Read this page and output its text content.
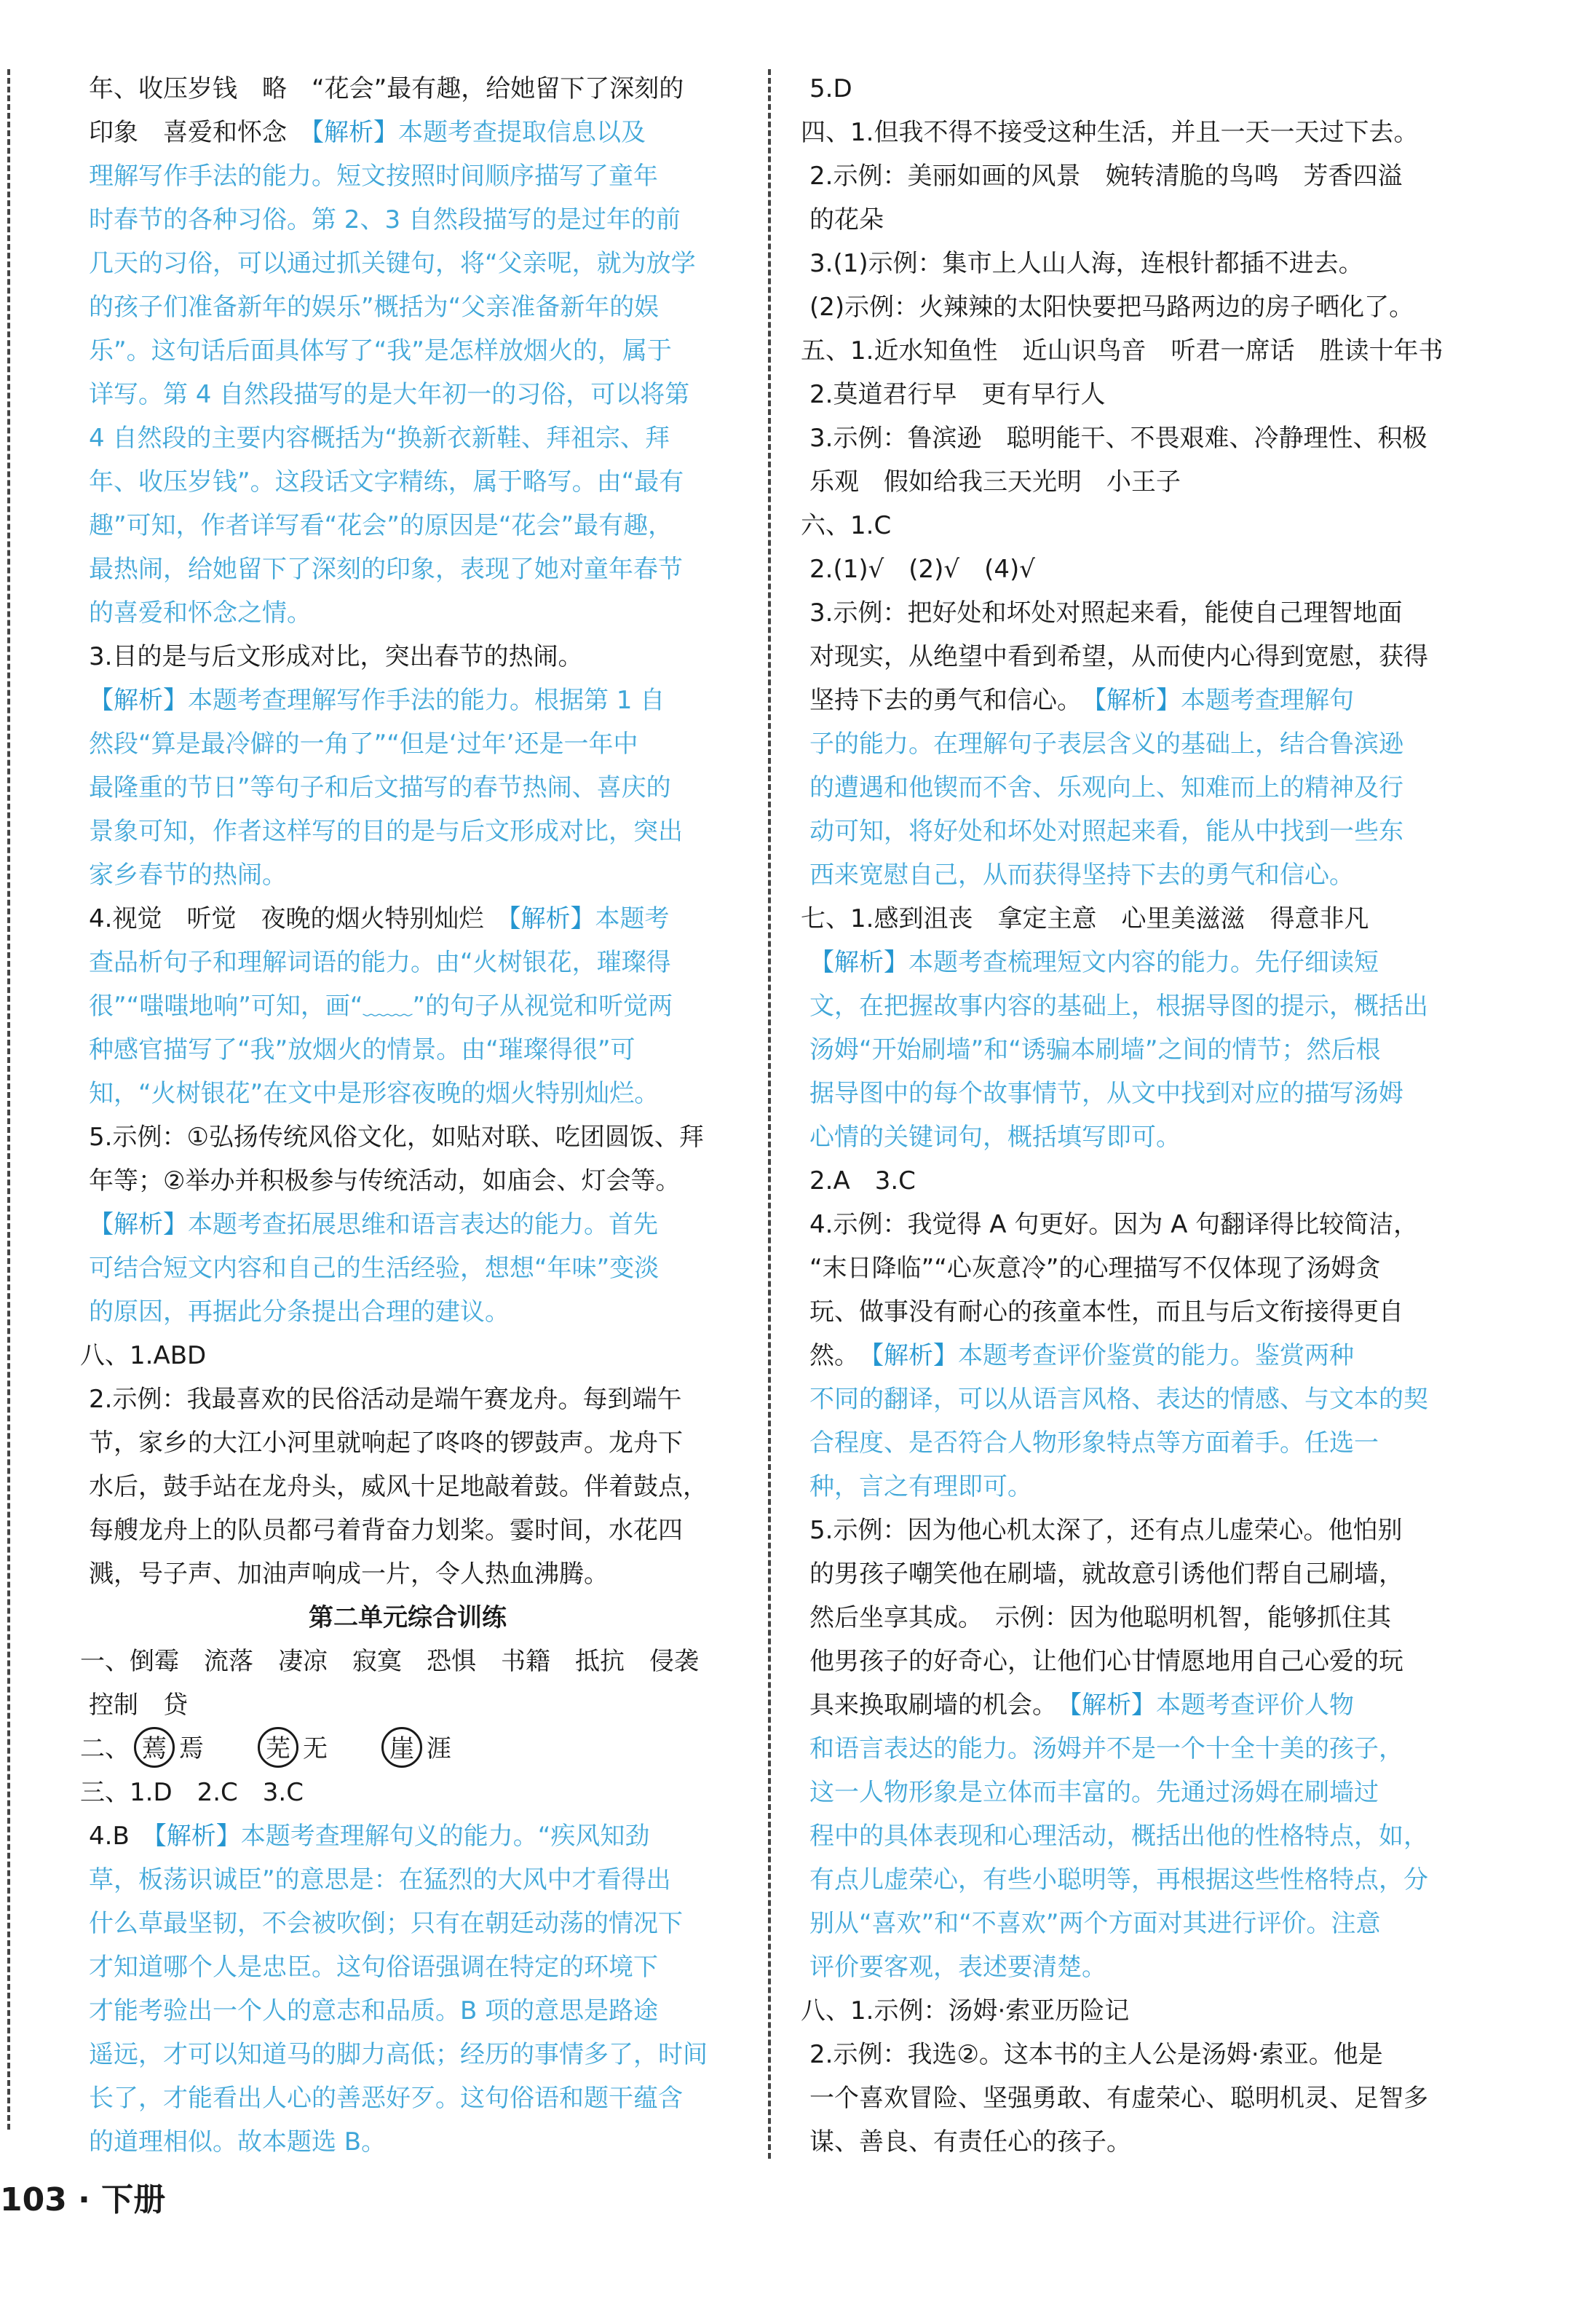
年、收压岁钱　略　“花会”最有趣，给她留下了深刻的
印象　喜爱和怀念　【解析】本题考查提取信息以及
理解写作手法的能力。短文按照时间顺序描写了童年
时春节的各种习俗。第 2、3 自然段描写的是过年的前
几天的习俗，可以通过抓关键句，将“父亲呢，就为放学
的孩子们准备新年的娱乐”概括为“父亲准备新年的娱
乐”。这句话后面具体写了“我”是怎样放烟火的，属于
详写。第 4 自然段描写的是大年初一的习俗，可以将第
4 自然段的主要内容概括为“换新衣新鞋、拜祖宗、拜
年、收压岁钱”。这段话文字精练，属于略写。由“最有
趣”可知，作者详写看“花会”的原因是“花会”最有趣，
最热闹，给她留下了深刻的印象，表现了她对童年春节
的喜爱和怀念之情。
3.目的是与后文形成对比，突出春节的热闹。
【解析】本题考查理解写作手法的能力。根据第 1 自
然段“算是最冷僻的一角了”“但是‘过年’还是一年中
最隆重的节日”等句子和后文描写的春节热闹、喜庆的
景象可知，作者这样写的目的是与后文形成对比，突出
家乡春节的热闹。
4.视觉　听觉　夜晚的烟火特别灿烂　【解析】本题考
查品析句子和理解词语的能力。由“火树银花，璀璨得
很”“嗤嗤地响”可知，画“﹏﹏”的句子从视觉和听觉两
种感官描写了“我”放烟火的情景。由“璀璨得很”可
知，“火树银花”在文中是形容夜晚的烟火特别灿烂。
5.示例：①弘扬传统风俗文化，如贴对联、吃团圆饭、拜
年等；②举办并积极参与传统活动，如庙会、灯会等。
【解析】本题考查拓展思维和语言表达的能力。首先
可结合短文内容和自己的生活经验，想想“年味”变淡
的原因，再据此分条提出合理的建议。
八、1.ABD
2.示例：我最喜欢的民俗活动是端午赛龙舟。每到端午
节，家乡的大江小河里就响起了咚咚的锣鼓声。龙舟下
水后，鼓手站在龙舟头，威风十足地敲着鼓。伴着鼓点，
每艘龙舟上的队员都弓着背奋力划桨。霎时间，水花四
溅，号子声、加油声响成一片，令人热血沸腾。
第二单元综合训练
一、倒霉　流落　凄凉　寂寞　恐惧　书籍　抵抗　侵袭
控制　贷
二、 蔫 焉　　芜 无　　崖 涯
三、1.D　2.C　3.C
4.B　【解析】本题考查理解句义的能力。“疾风知劲
草，板荡识诚臣”的意思是：在猛烈的大风中才看得出
什么草最坚韧，不会被吹倒；只有在朝廷动荡的情况下
才知道哪个人是忠臣。这句俗语强调在特定的环境下
才能考验出一个人的意志和品质。B 项的意思是路途
遥远，才可以知道马的脚力高低；经历的事情多了，时间
长了，才能看出人心的善恶好歹。这句俗语和题干蕴含
的道理相似。故本题选 B。
5.D
四、1.但我不得不接受这种生活，并且一天一天过下去。
2.示例：美丽如画的风景　婉转清脆的鸟鸣　芳香四溢
的花朵
3.(1)示例：集市上人山人海，连根针都插不进去。
(2)示例：火辣辣的太阳快要把马路两边的房子晒化了。
五、1.近水知鱼性　近山识鸟音　听君一席话　胜读十年书
2.莫道君行早　更有早行人
3.示例：鲁滨逊　聪明能干、不畏艰难、冷静理性、积极
乐观　假如给我三天光明　小王子
六、1.C
2.(1)√　(2)√　(4)√
3.示例：把好处和坏处对照起来看，能使自己理智地面
对现实，从绝望中看到希望，从而使内心得到宽慰，获得
坚持下去的勇气和信心。　【解析】本题考查理解句
子的能力。在理解句子表层含义的基础上，结合鲁滨逊
的遭遇和他锲而不舍、乐观向上、知难而上的精神及行
动可知，将好处和坏处对照起来看，能从中找到一些东
西来宽慰自己，从而获得坚持下去的勇气和信心。
七、1.感到沮丧　拿定主意　心里美滋滋　得意非凡
【解析】本题考查梳理短文内容的能力。先仔细读短
文，在把握故事内容的基础上，根据导图的提示，概括出
汤姆“开始刷墙”和“诱骗本刷墙”之间的情节；然后根
据导图中的每个故事情节，从文中找到对应的描写汤姆
心情的关键词句，概括填写即可。
2.A　3.C
4.示例：我觉得 A 句更好。因为 A 句翻译得比较简洁，
“末日降临”“心灰意冷”的心理描写不仅体现了汤姆贪
玩、做事没有耐心的孩童本性，而且与后文衔接得更自
然。　【解析】本题考查评价鉴赏的能力。鉴赏两种
不同的翻译，可以从语言风格、表达的情感、与文本的契
合程度、是否符合人物形象特点等方面着手。任选一
种，言之有理即可。
5.示例：因为他心机太深了，还有点儿虚荣心。他怕别
的男孩子嘲笑他在刷墙，就故意引诱他们帮自己刷墙，
然后坐享其成。　示例：因为他聪明机智，能够抓住其
他男孩子的好奇心，让他们心甘情愿地用自己心爱的玩
具来换取刷墙的机会。　【解析】本题考查评价人物
和语言表达的能力。汤姆并不是一个十全十美的孩子，
这一人物形象是立体而丰富的。先通过汤姆在刷墙过
程中的具体表现和心理活动，概括出他的性格特点，如，
有点儿虚荣心，有些小聪明等，再根据这些性格特点，分
别从“喜欢”和“不喜欢”两个方面对其进行评价。注意
评价要客观，表述要清楚。
八、1.示例：汤姆·索亚历险记
2.示例：我选②。这本书的主人公是汤姆·索亚。他是
一个喜欢冒险、坚强勇敢、有虚荣心、聪明机灵、足智多
谋、善良、有责任心的孩子。
103 · 下册
